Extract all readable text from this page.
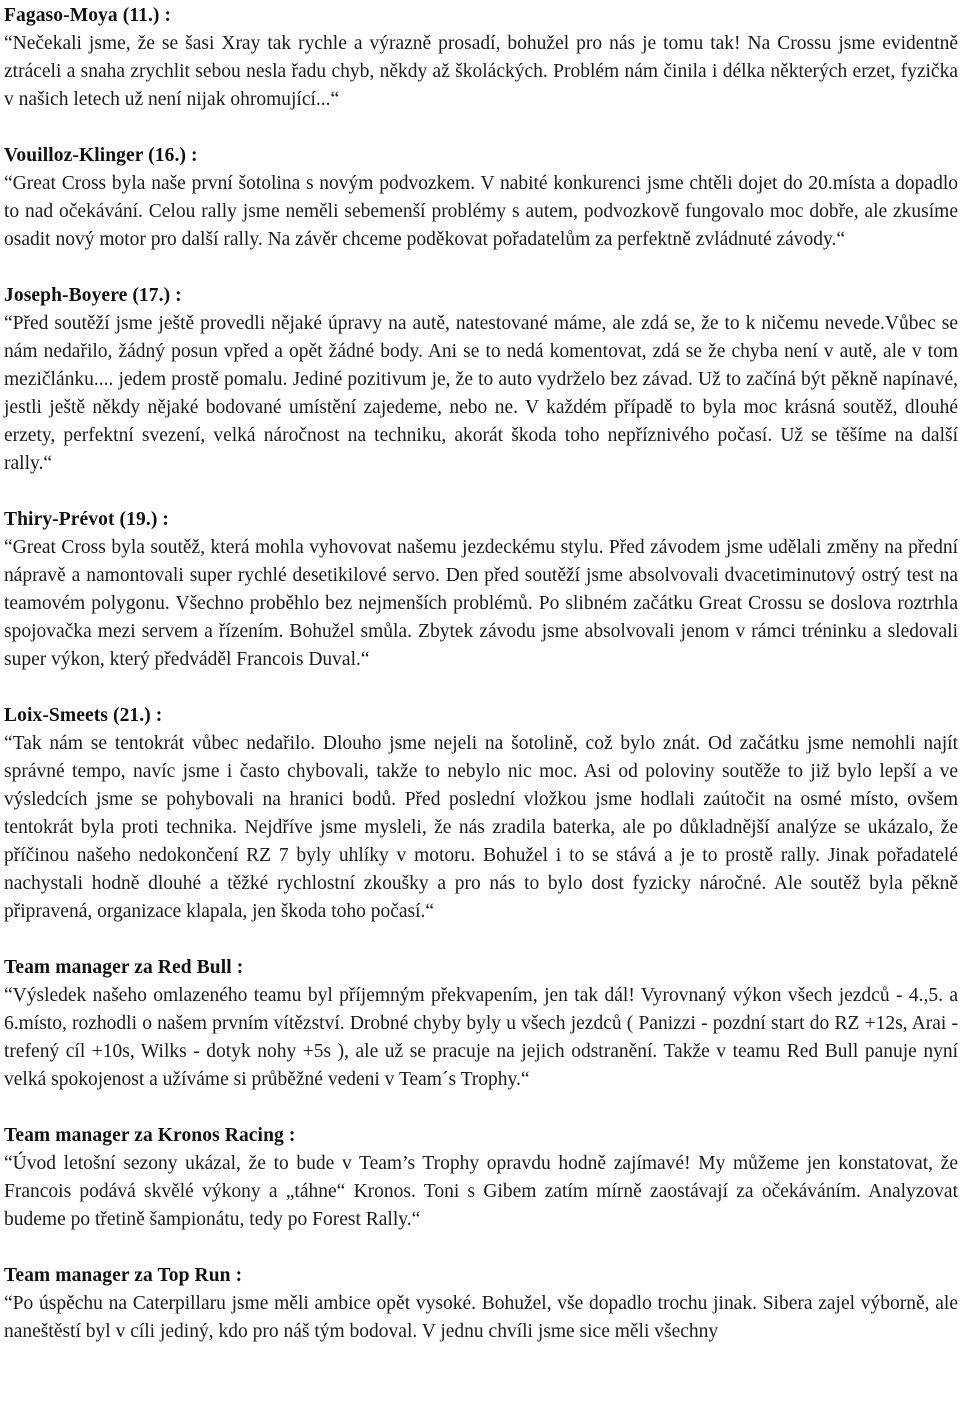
Fagaso-Moya (11.) :

“Nečekali jsme, že se šasi Xray tak rychle a výrazně prosadí, bohužel pro nás je tomu tak! Na Crossu jsme evidentně ztráceli a snaha zrychlit sebou nesla řadu chyb, někdy až školáckých. Problém nám činila i délka některých erzet, fyzička v našich letech už není nijak ohromující...“

Vouilloz-Klinger (16.) :

“Great Cross byla naše první šotolina s novým podvozkem. V nabité konkurenci jsme chtěli dojet do 20.místa a dopadlo to nad očekávání. Celou rally jsme neměli sebemenší problémy s autem, podvozkově fungovalo moc dobře, ale zkusíme osadit nový motor pro další rally. Na závěr chceme poděkovat pořadatelům za perfektně zvládnuté závody.“

Joseph-Boyere (17.) :

“Před soutěží jsme ještě provedli nějaké úpravy na autě, natestované máme, ale zdá se, že to k ničemu nevede.Vůbec se nám nedařilo, žádný posun vpřed a opět žádné body. Ani se to nedá komentovat, zdá se že chyba není v autě, ale v tom mezičlánku.... jedem prostě pomalu. Jediné pozitivum je, že to auto vydrželo bez závad. Už to začíná být pěkně napínavé, jestli ještě někdy nějaké bodované umístění zajedeme, nebo ne. V každém případě to byla moc krásná soutěž, dlouhé erzety, perfektní svezení, velká náročnost na techniku, akorát škoda toho nepříznivého počasí. Už se těšíme na další rally.“

Thiry-Prévot (19.) :

“Great Cross byla soutěž, která mohla vyhovovat našemu jezdeckému stylu. Před závodem jsme udělali změny na přední nápravě a namontovali super rychlé desetikilové servo. Den před soutěží jsme absolvovali dvacetiminutový ostrý test na teamovém polygonu. Všechno proběhlo bez nejmenších problémů. Po slibném začátku Great Crossu se doslova roztrhla spojovačka mezi servem a řízením. Bohužel smůla. Zbytek závodu jsme absolvovali jenom v rámci tréninku a sledovali super výkon, který předváděl Francois Duval.“

Loix-Smeets (21.) :

“Tak nám se tentokrát vůbec nedařilo. Dlouho jsme nejeli na šotolině, což bylo znát. Od začátku jsme nemohli najít správné tempo, navíc jsme i často chybovali, takže to nebylo nic moc. Asi od poloviny soutěže to již bylo lepší a ve výsledcích jsme se pohybovali na hranici bodů. Před poslední vložkou jsme hodlali zaútočit na osmé místo, ovšem tentokrát byla proti technika. Nejdříve jsme mysleli, že nás zradila baterka, ale po důkladnější analýze se ukázalo, že příčinou našeho nedokončení RZ 7 byly uhlíky v motoru. Bohužel i to se stává a je to prostě rally. Jinak pořadatelé nachystali hodně dlouhé a těžké rychlostní zkoušky a pro nás to bylo dost fyzicky náročné. Ale soutěž byla pěkně připravená, organizace klapala, jen škoda toho počasí.“

Team manager za Red Bull :

“Výsledek našeho omlazeného teamu byl příjemným překvapením, jen tak dál! Vyrovnaný výkon všech jezdců - 4.,5. a 6.místo, rozhodli o našem prvním vítězství. Drobné chyby byly u všech jezdců ( Panizzi - pozdní start do RZ +12s, Arai - trefený cíl +10s, Wilks - dotyk nohy +5s ), ale už se pracuje na jejich odstranění. Takže v teamu Red Bull panuje nyní velká spokojenost a užíváme si průběžné vedeni v Team´s Trophy.“

Team manager za Kronos Racing :

“Úvod letošní sezony ukázal, že to bude v Team’s Trophy opravdu hodně zajímavé! My můžeme jen konstatovat, že Francois podává skvělé výkony a „táhne“ Kronos. Toni s Gibem zatím mírně zaostávají za očekáváním. Analyzovat budeme po třetině šampionátu, tedy po Forest Rally.“

Team manager za Top Run :

“Po úspěchu na Caterpillaru jsme měli ambice opět vysoké. Bohužel, vše dopadlo trochu jinak. Sibera zajel výborně, ale naneštěstí byl v cíli jediný, kdo pro náš tým bodoval. V jednu chvíli jsme sice měli všechny
